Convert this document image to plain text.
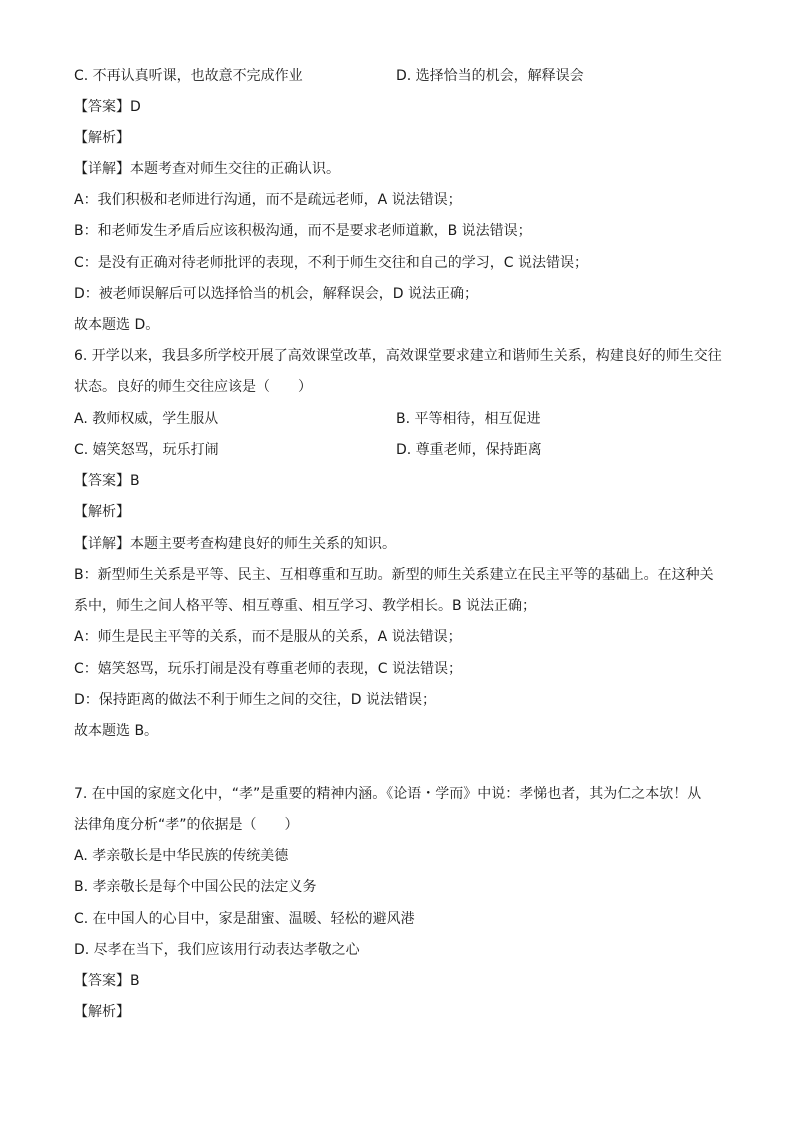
C. 不再认真听课，也故意不完成作业	D. 选择恰当的机会，解释误会
【答案】D
【解析】
【详解】本题考查对师生交往的正确认识。
A：我们积极和老师进行沟通，而不是疏远老师，A 说法错误；
B：和老师发生矛盾后应该积极沟通，而不是要求老师道歉，B 说法错误；
C：是没有正确对待老师批评的表现，不利于师生交往和自己的学习，C 说法错误；
D：被老师误解后可以选择恰当的机会，解释误会，D 说法正确；
故本题选 D。
6. 开学以来，我县多所学校开展了高效课堂改革，高效课堂要求建立和谐师生关系，构建良好的师生交往
状态。良好的师生交往应该是（　　）
A. 教师权威，学生服从	B. 平等相待，相互促进
C. 嬉笑怒骂，玩乐打闹	D. 尊重老师，保持距离
【答案】B
【解析】
【详解】本题主要考查构建良好的师生关系的知识。
B：新型师生关系是平等、民主、互相尊重和互助。新型的师生关系建立在民主平等的基础上。在这种关
系中，师生之间人格平等、相互尊重、相互学习、教学相长。B 说法正确；
A：师生是民主平等的关系，而不是服从的关系，A 说法错误；
C：嬉笑怒骂，玩乐打闹是没有尊重老师的表现，C 说法错误；
D：保持距离的做法不利于师生之间的交往，D 说法错误；
故本题选 B。
7. 在中国的家庭文化中，“孝”是重要的精神内涵。《论语・学而》中说：孝悌也者，其为仁之本欤！从
法律角度分析“孝”的依据是（　　）
A. 孝亲敬长是中华民族的传统美德
B. 孝亲敬长是每个中国公民的法定义务
C. 在中国人的心目中，家是甜蜜、温暖、轻松的避风港
D. 尽孝在当下，我们应该用行动表达孝敬之心
【答案】B
【解析】
